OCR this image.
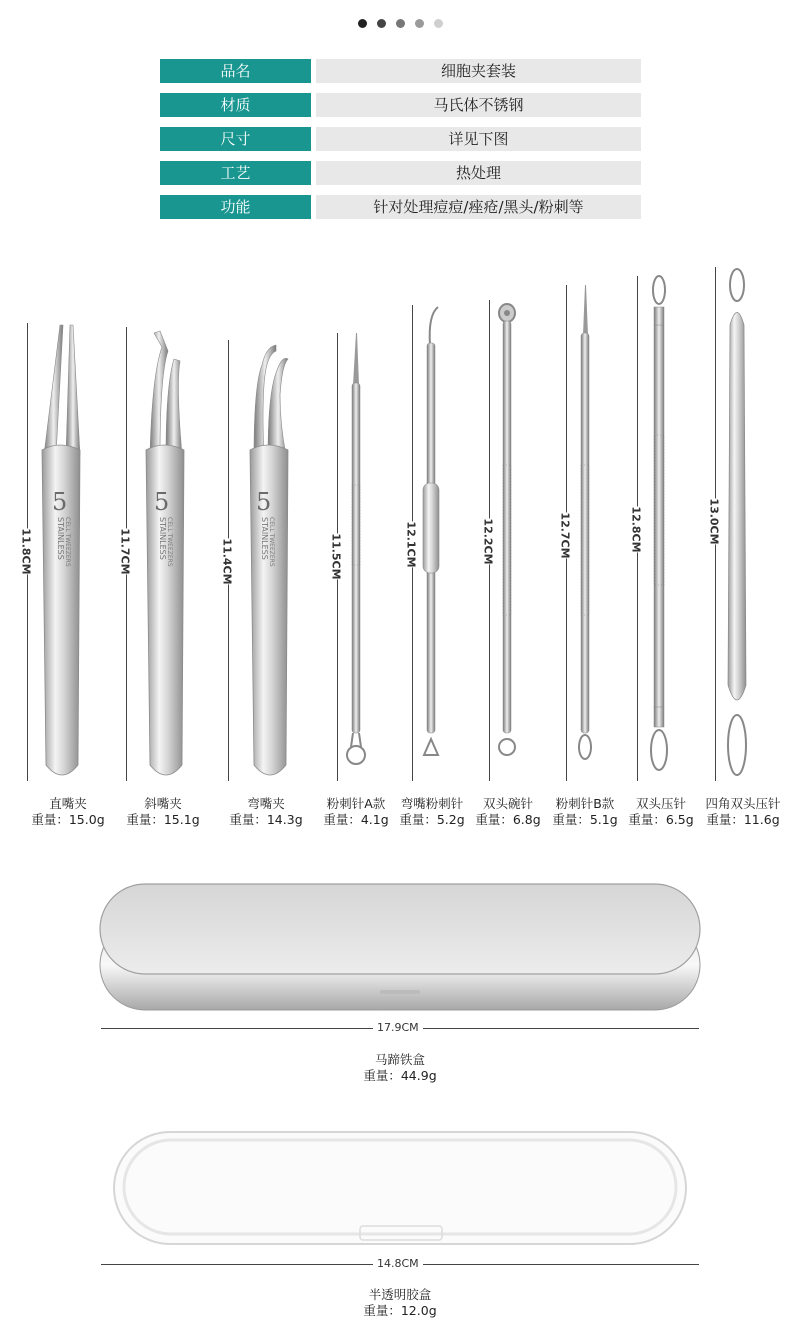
品名	细胞夹套装
材质	马氏体不锈钢
尺寸	详见下图
工艺	热处理
功能	针对处理痘痘/痤疮/黑头/粉刺等
5
STAINLESS CELL TWEEZERS
5
STAINLESS CELL TWEEZERS
5
STAINLESS CELL TWEEZERS
11.8CM	11.7CM	11.4CM	11.5CM	12.1CM	12.2CM	12.7CM	12.8CM	13.0CM
直嘴夹
重量：15.0g
斜嘴夹
重量：15.1g
弯嘴夹
重量：14.3g
粉刺针A款
重量：4.1g
弯嘴粉刺针
重量：5.2g
双头碗针
重量：6.8g
粉刺针B款
重量：5.1g
双头压针
重量：6.5g
四角双头压针
重量：11.6g
17.9CM
马蹄铁盒
重量：44.9g
14.8CM
半透明胶盒
重量：12.0g
